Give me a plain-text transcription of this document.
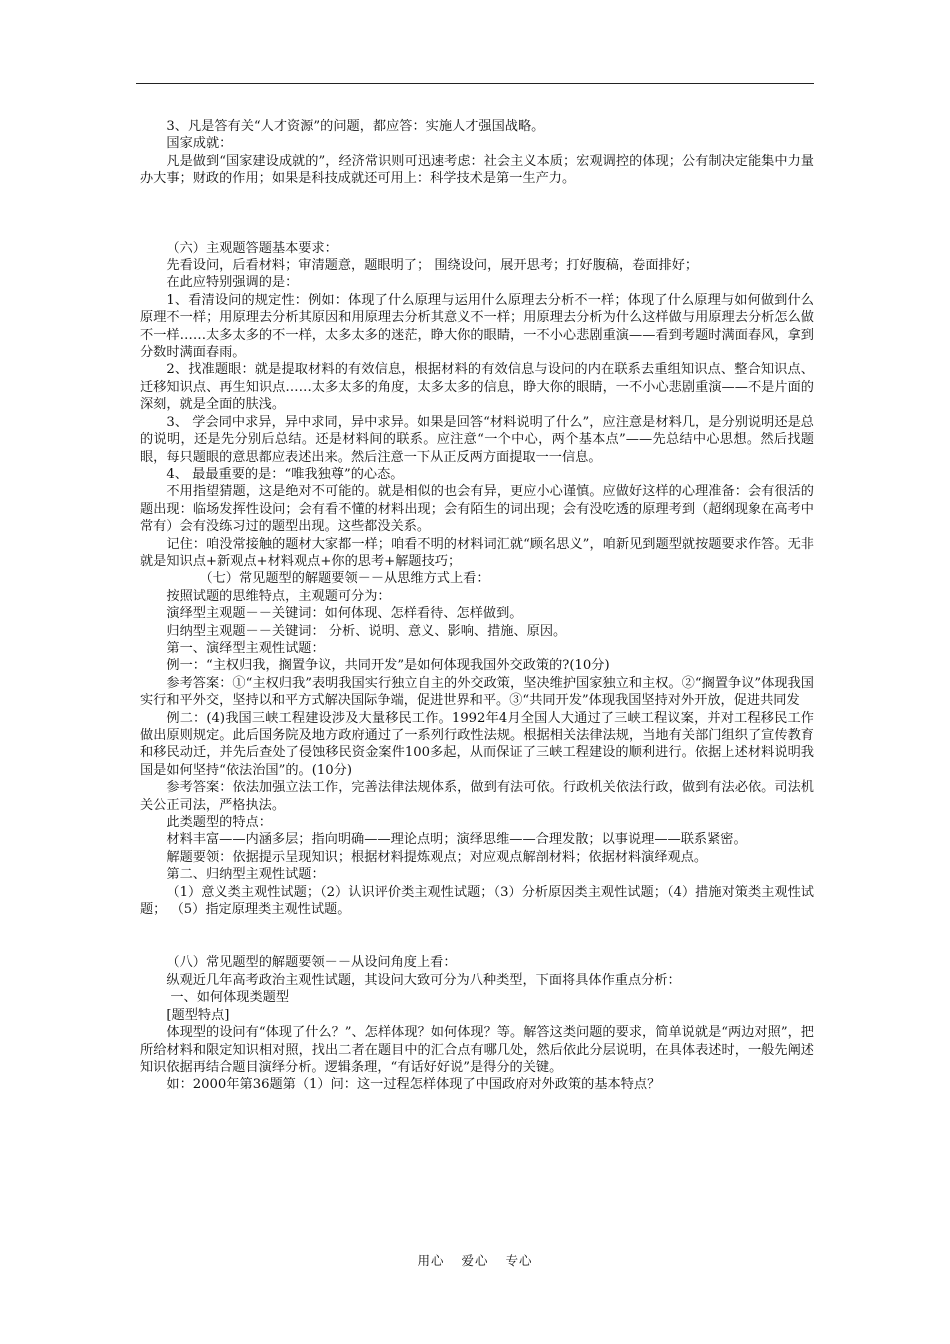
3、凡是答有关“人才资源”的问题，都应答：实施人才强国战略。

国家成就：

凡是做到“国家建设成就的”，经济常识则可迅速考虑：社会主义本质；宏观调控的体现；公有制决定能集中力量办大事；财政的作用；如果是科技成就还可用上：科学技术是第一生产力。

（六）主观题答题基本要求：

先看设问，后看材料；审清题意，题眼明了； 围绕设问，展开思考；打好腹稿，卷面排好；

在此应特别强调的是：

1、看清设问的规定性：例如：体现了什么原理与运用什么原理去分析不一样；体现了什么原理与如何做到什么原理不一样；用原理去分析其原因和用原理去分析其意义不一样；用原理去分析为什么这样做与用原理去分析怎么做不一样……太多太多的不一样，太多太多的迷茫，睁大你的眼睛，一不小心悲剧重演——看到考题时满面春风，拿到分数时满面春雨。

2、找准题眼：就是提取材料的有效信息，根据材料的有效信息与设问的内在联系去重组知识点、整合知识点、迁移知识点、再生知识点……太多太多的角度，太多太多的信息，睁大你的眼睛，一不小心悲剧重演——不是片面的深刻，就是全面的肤浅。

3、 学会同中求异，异中求同，异中求异。如果是回答“材料说明了什么”，应注意是材料几，是分别说明还是总的说明，还是先分别后总结。还是材料间的联系。应注意“一个中心，两个基本点”——先总结中心思想。然后找题眼，每只题眼的意思都应表述出来。然后注意一下从正反两方面提取一一信息。

4、 最最重要的是：“唯我独尊”的心态。

不用指望猜题，这是绝对不可能的。就是相似的也会有异，更应小心谨慎。应做好这样的心理准备：会有很活的题出现：临场发挥性设问；会有看不懂的材料出现；会有陌生的词出现；会有没吃透的原理考到（超纲现象在高考中常有）会有没练习过的题型出现。这些都没关系。

记住：咱没常接触的题材大家都一样；咱看不明的材料词汇就“顾名思义”，咱新见到题型就按题要求作答。无非就是知识点+新观点+材料观点+你的思考+解题技巧；

（七）常见题型的解题要领－－从思维方式上看：

按照试题的思维特点，主观题可分为：

演绎型主观题－－关键词：如何体现、怎样看待、怎样做到。

归纳型主观题－－关键词： 分析、说明、意义、影响、措施、原因。

第一、演绎型主观性试题：

例一：“主权归我，搁置争议，共同开发”是如何体现我国外交政策的?(10分)

参考答案：①“主权归我”表明我国实行独立自主的外交政策，坚决维护国家独立和主权。②“搁置争议”体现我国实行和平外交，坚持以和平方式解决国际争端，促进世界和平。③“共同开发”体现我国坚持对外开放，促进共同发

例二：(4)我国三峡工程建设涉及大量移民工作。1992年4月全国人大通过了三峡工程议案，并对工程移民工作做出原则规定。此后国务院及地方政府通过了一系列行政性法规。根据相关法律法规，当地有关部门组织了宣传教育和移民动迁，并先后查处了侵蚀移民资金案件100多起，从而保证了三峡工程建设的顺利进行。依据上述材料说明我国是如何坚持“依法治国”的。(10分)

参考答案：依法加强立法工作，完善法律法规体系，做到有法可依。行政机关依法行政，做到有法必依。司法机关公正司法，严格执法。

此类题型的特点：

材料丰富——内涵多层；指向明确——理论点明；演绎思维——合理发散；以事说理——联系紧密。

解题要领：依据提示呈现知识；根据材料提炼观点；对应观点解剖材料；依据材料演绎观点。

第二、归纳型主观性试题：

（1）意义类主观性试题；（2）认识评价类主观性试题；（3）分析原因类主观性试题；（4）措施对策类主观性试题； （5）指定原理类主观性试题。

（八）常见题型的解题要领－－从设问角度上看：

纵观近几年高考政治主观性试题，其设问大致可分为八种类型，下面将具体作重点分析：

一、如何体现类题型

[题型特点]

体现型的设问有“体现了什么？”、怎样体现？如何体现？等。解答这类问题的要求，简单说就是“两边对照”，把所给材料和限定知识相对照，找出二者在题目中的汇合点有哪几处，然后依此分层说明，在具体表述时，一般先阐述知识依据再结合题目演绎分析。逻辑条理，“有话好好说”是得分的关键。

如：2000年第36题第（1）问：这一过程怎样体现了中国政府对外政策的基本特点？

用心 爱心 专心
